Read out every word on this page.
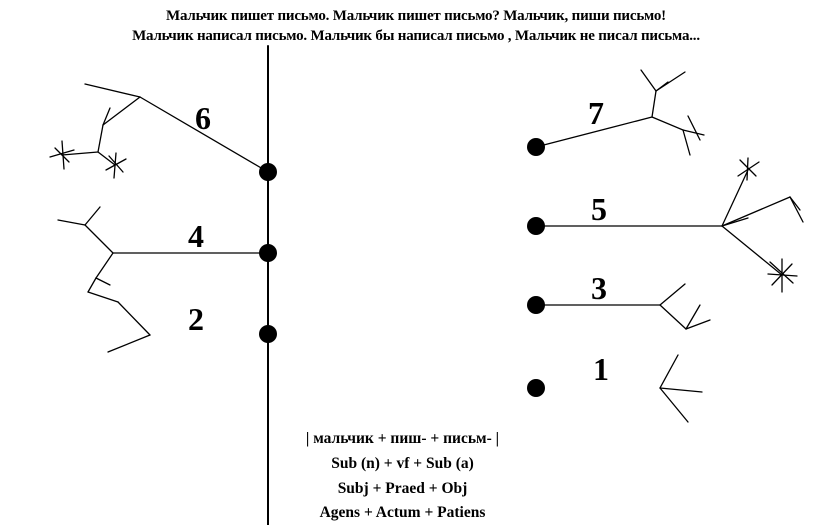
Мальчик пишет письмо. Мальчик пишет письмо? Мальчик, пиши письмо!
Мальчик написал письмо. Мальчик бы написал письмо , Мальчик не писал письма...
6
4
2
7
5
3
1
| мальчик + пиш- + письм- |
Sub (n) + vf + Sub (a)
Subj + Praed + Obj
Agens + Actum + Patiens
